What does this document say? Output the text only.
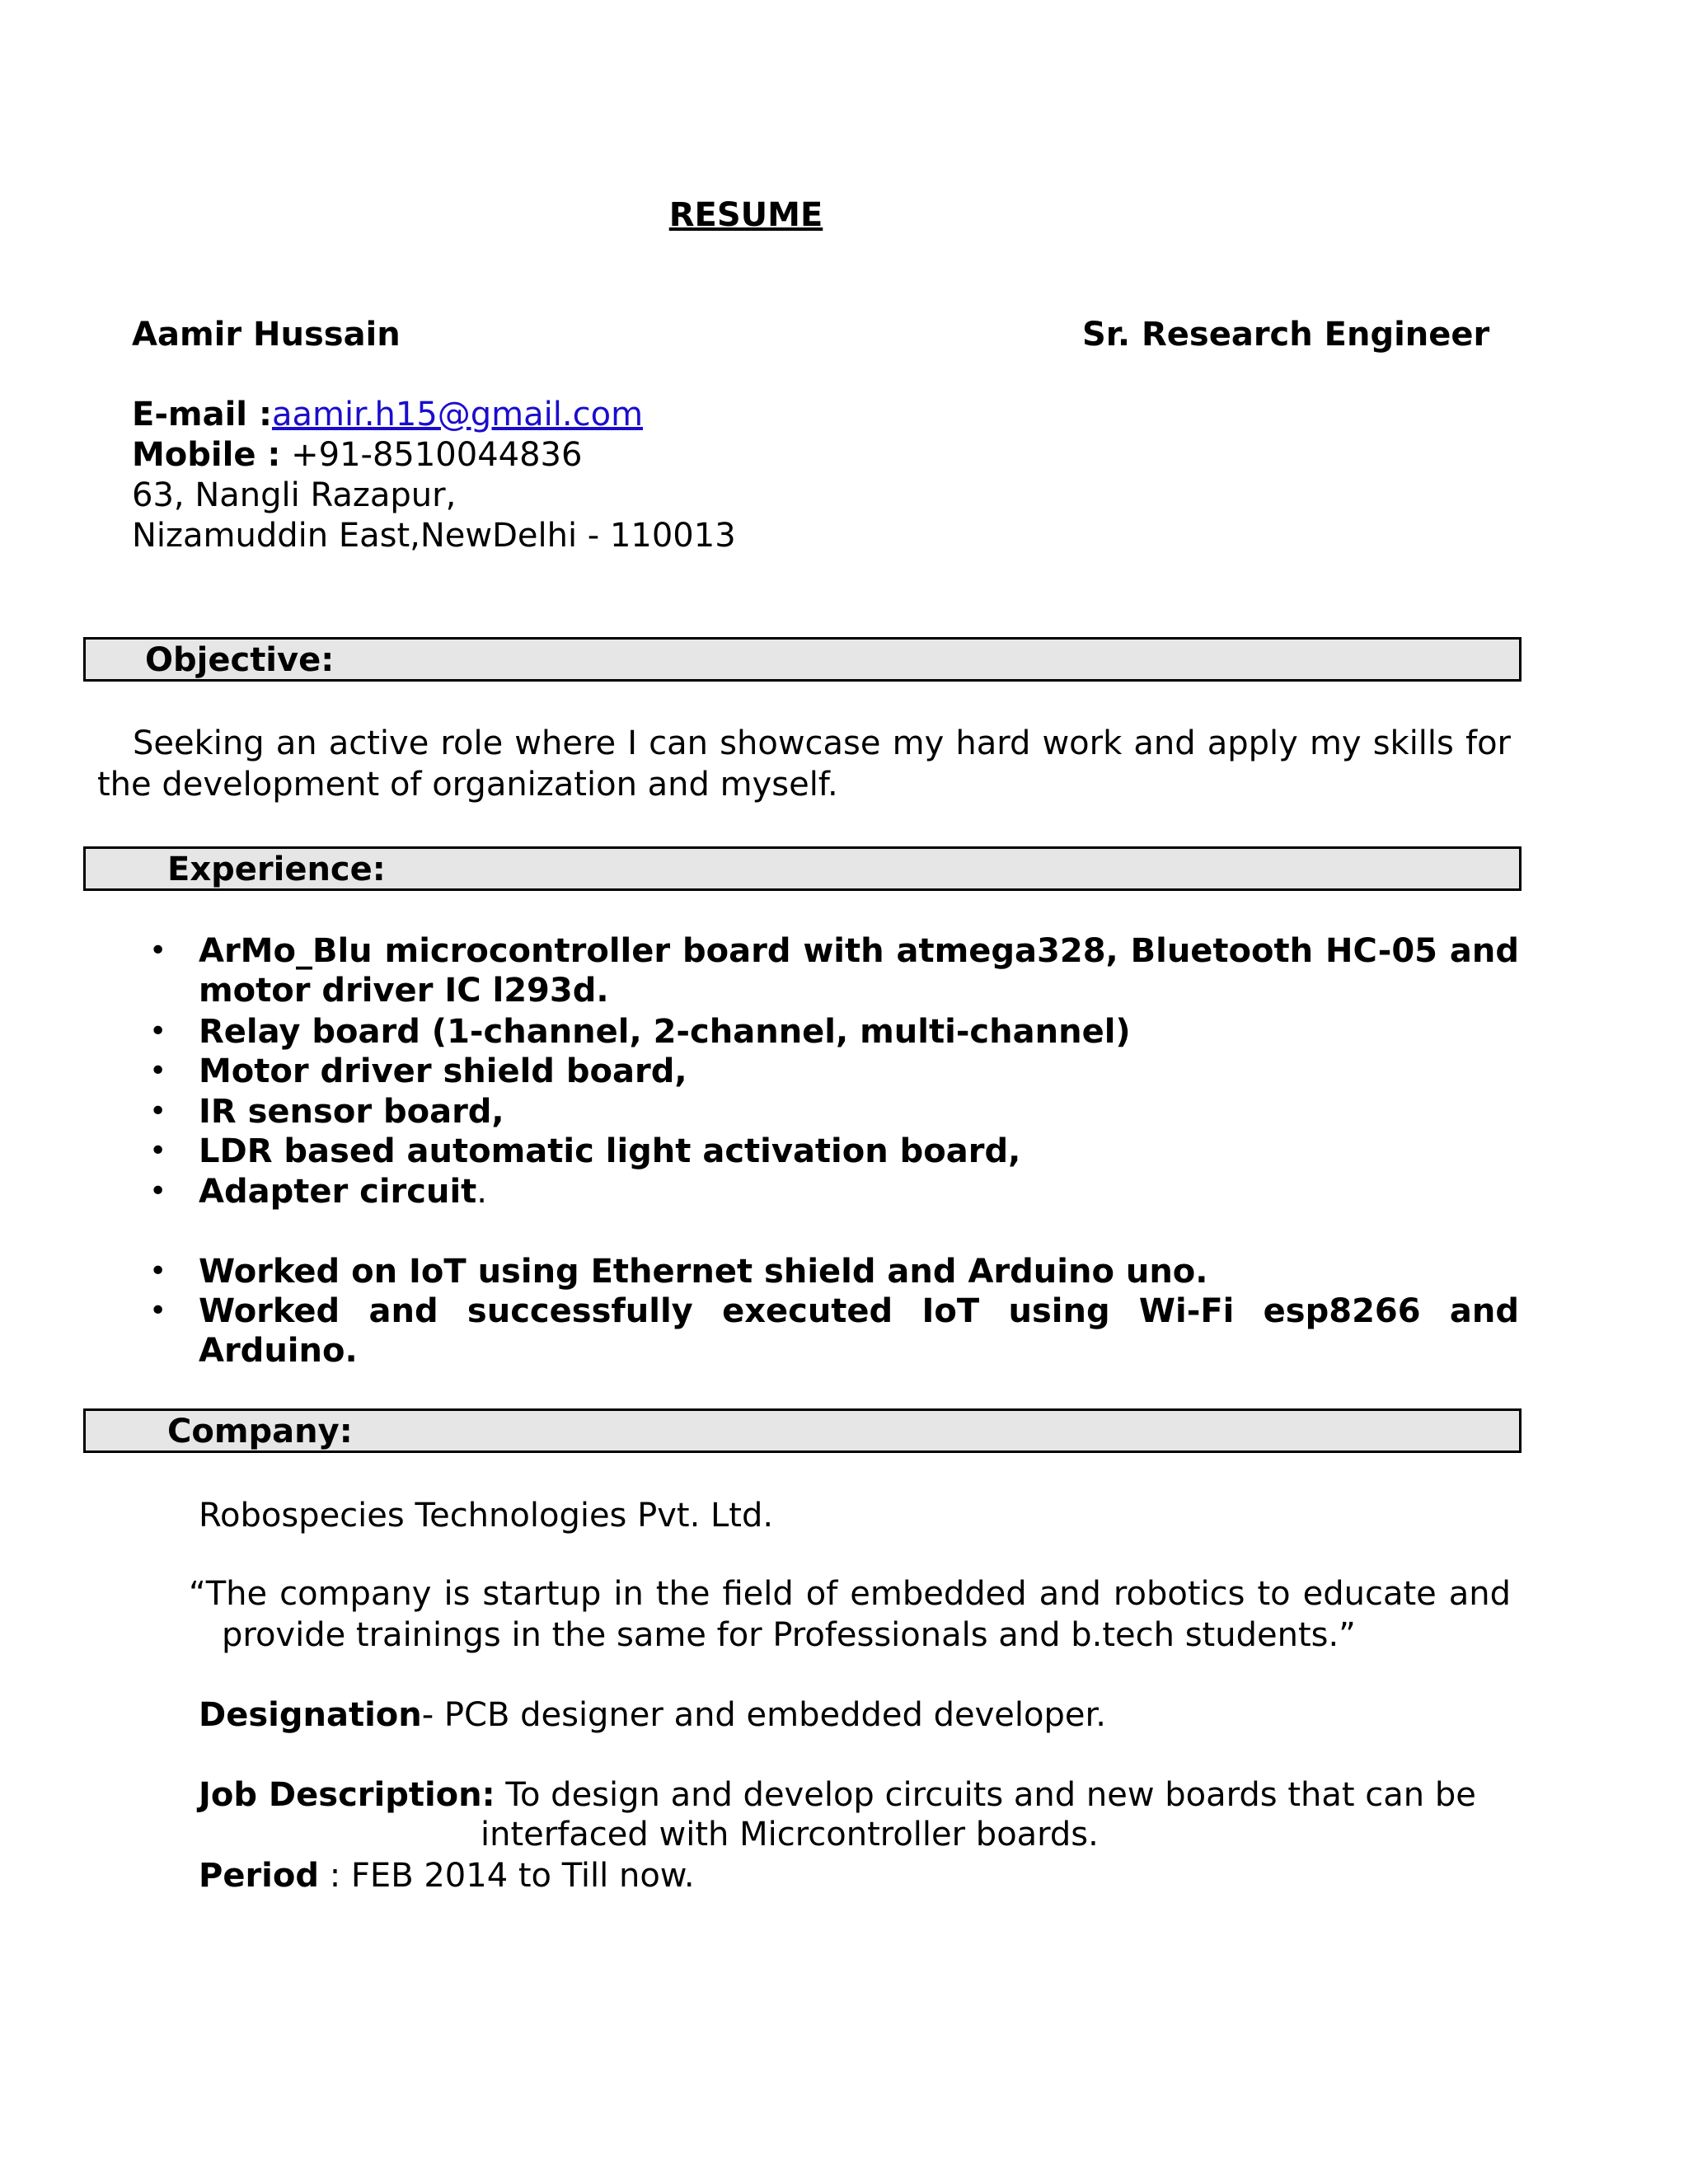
RESUME
Aamir Hussain	Sr. Research Engineer
E-mail :aamir.h15@gmail.com
Mobile : +91-8510044836
63, Nangli Razapur,
Nizamuddin East,NewDelhi - 110013
Objective:
Seeking an active role where I can showcase my hard work and apply my skills for
the development of organization and myself.
Experience:
• ArMo_Blu microcontroller board with atmega328, Bluetooth HC-05 and
motor driver IC l293d.
• Relay board (1-channel, 2-channel, multi-channel)
• Motor driver shield board,
• IR sensor board,
• LDR based automatic light activation board,
• Adapter circuit.
• Worked on IoT using Ethernet shield and Arduino uno.
• Worked and successfully executed IoT using Wi-Fi esp8266 and
Arduino.
Company:
Robospecies Technologies Pvt. Ltd.
“The company is startup in the field of embedded and robotics to educate and
provide trainings in the same for Professionals and b.tech students.”
Designation- PCB designer and embedded developer.
Job Description: To design and develop circuits and new boards that can be
interfaced with Micrcontroller boards.
Period : FEB 2014 to Till now.
